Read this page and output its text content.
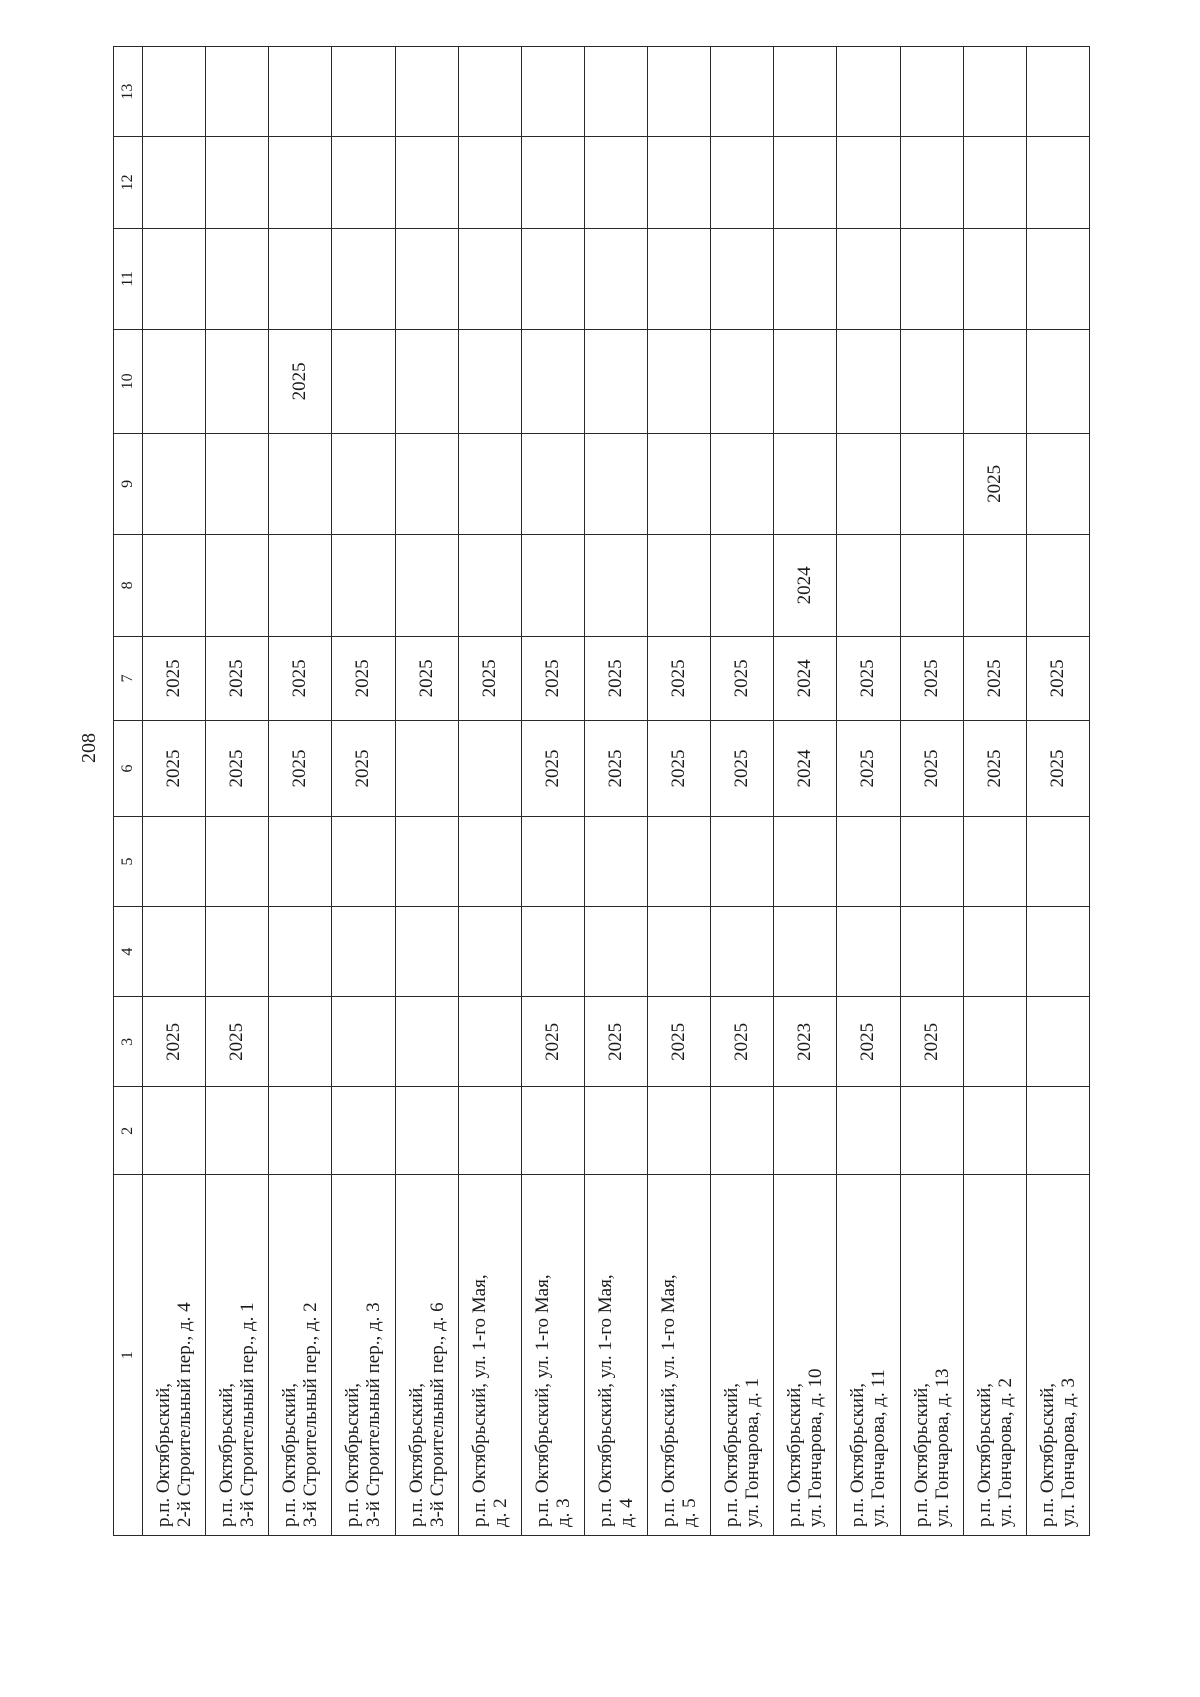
208
1	2	3	4	5	6	7	8	9	10	11	12	13

р.п. Октябрьский, 2-й Строительный пер., д. 4		2025			2025	2025						

р.п. Октябрьский, 3-й Строительный пер., д. 1		2025			2025	2025						

р.п. Октябрьский, 3-й Строительный пер., д. 2					2025	2025			2025			

р.п. Октябрьский, 3-й Строительный пер., д. 3					2025	2025						

р.п. Октябрьский, 3-й Строительный пер., д. 6						2025						

р.п. Октябрьский, ул. 1-го Мая, д. 2						2025						

р.п. Октябрьский, ул. 1-го Мая, д. 3		2025			2025	2025						

р.п. Октябрьский, ул. 1-го Мая, д. 4		2025			2025	2025						

р.п. Октябрьский, ул. 1-го Мая, д. 5		2025			2025	2025						

р.п. Октябрьский, ул. Гончарова, д. 1		2025			2025	2025						

р.п. Октябрьский, ул. Гончарова, д. 10		2023			2024	2024	2024					

р.п. Октябрьский, ул. Гончарова, д. 11		2025			2025	2025						

р.п. Октябрьский, ул. Гончарова, д. 13		2025			2025	2025						

р.п. Октябрьский, ул. Гончарова, д. 2					2025	2025		2025				

р.п. Октябрьский, ул. Гончарова, д. 3					2025	2025						
